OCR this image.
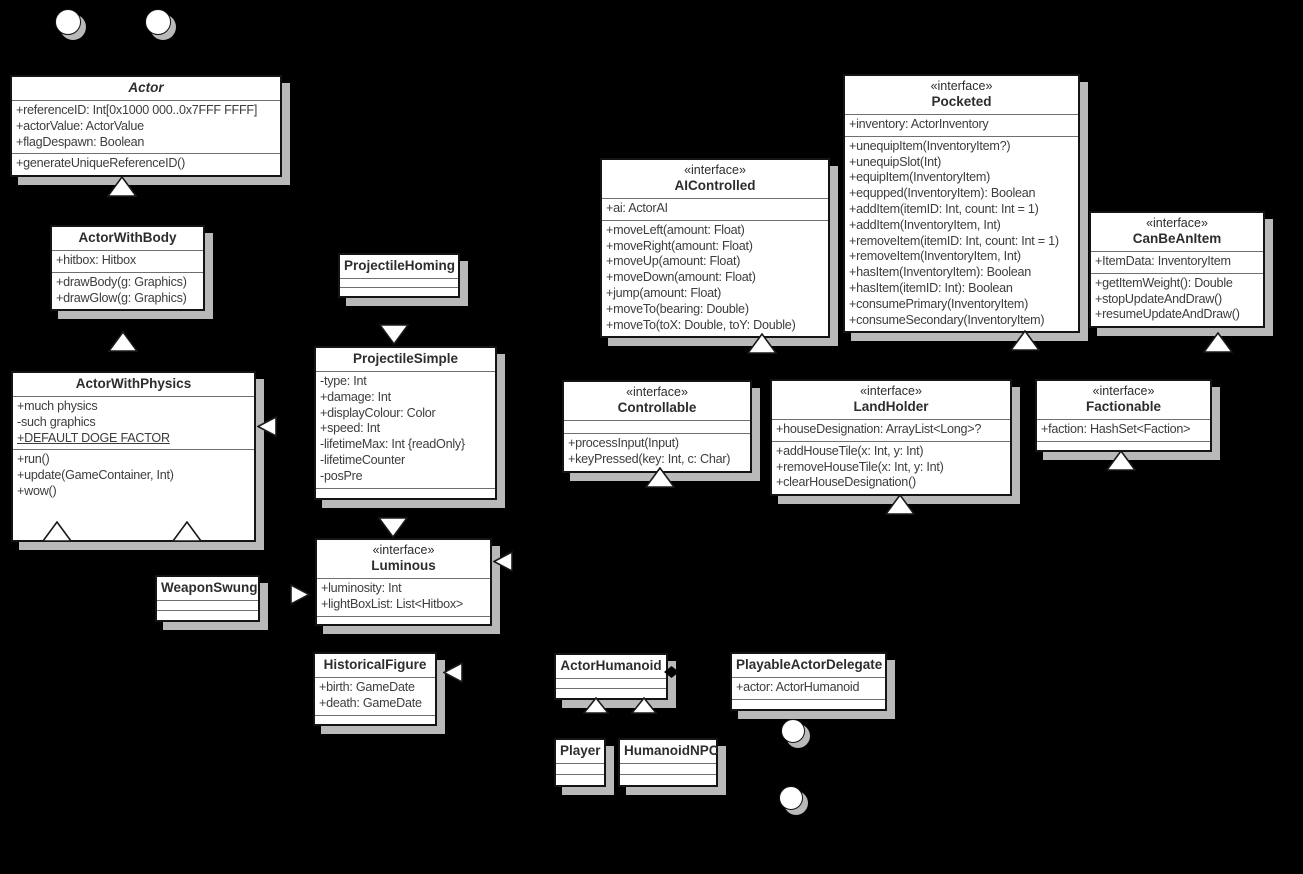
Actor
+referenceID: Int[0x1000 000..0x7FFF FFFF]
+actorValue: ActorValue
+flagDespawn: Boolean
+generateUniqueReferenceID()
ActorWithBody
+hitbox: Hitbox
+drawBody(g: Graphics)
+drawGlow(g: Graphics)
ActorWithPhysics
+much physics
-such graphics
+DEFAULT DOGE FACTOR
+run()
+update(GameContainer, Int)
+wow()
ProjectileHoming
ProjectileSimple
-type: Int
+damage: Int
+displayColour: Color
+speed: Int
-lifetimeMax: Int {readOnly}
-lifetimeCounter
-posPre
«interface»
Luminous
+luminosity: Int
+lightBoxList: List<Hitbox>
WeaponSwung
HistoricalFigure
+birth: GameDate
+death: GameDate
«interface»
AIControlled
+ai: ActorAI
+moveLeft(amount: Float)
+moveRight(amount: Float)
+moveUp(amount: Float)
+moveDown(amount: Float)
+jump(amount: Float)
+moveTo(bearing: Double)
+moveTo(toX: Double, toY: Double)
«interface»
Pocketed
+inventory: ActorInventory
+unequipItem(InventoryItem?)
+unequipSlot(Int)
+equipItem(InventoryItem)
+equpped(InventoryItem): Boolean
+addItem(itemID: Int, count: Int = 1)
+addItem(InventoryItem, Int)
+removeItem(itemID: Int, count: Int = 1)
+removeItem(InventoryItem, Int)
+hasItem(InventoryItem): Boolean
+hasItem(itemID: Int): Boolean
+consumePrimary(InventoryItem)
+consumeSecondary(InventoryItem)
«interface»
CanBeAnItem
+ItemData: InventoryItem
+getItemWeight(): Double
+stopUpdateAndDraw()
+resumeUpdateAndDraw()
«interface»
Controllable
+processInput(Input)
+keyPressed(key: Int, c: Char)
«interface»
LandHolder
+houseDesignation: ArrayList<Long>?
+addHouseTile(x: Int, y: Int)
+removeHouseTile(x: Int, y: Int)
+clearHouseDesignation()
«interface»
Factionable
+faction: HashSet<Faction>
ActorHumanoid	PlayableActorDelegate
+actor: ActorHumanoid
Player HumanoidNPC
